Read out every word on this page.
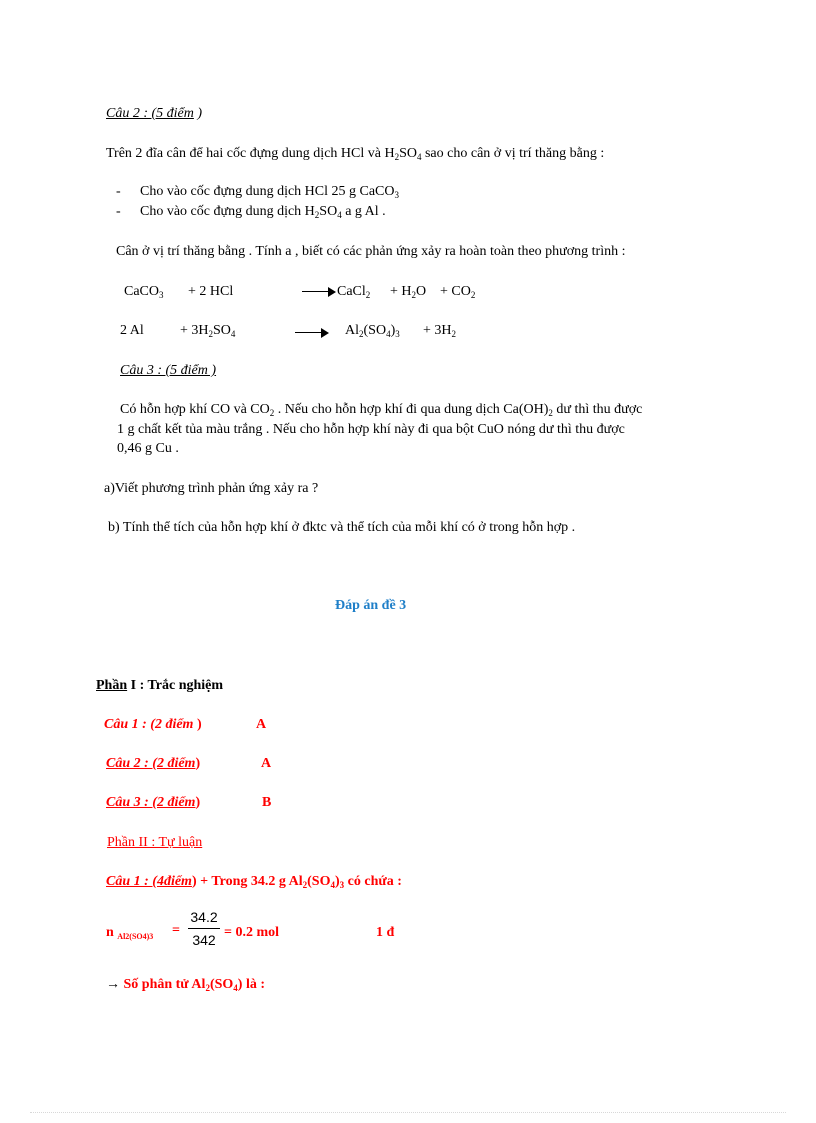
Câu 2 : (5 điểm )
Trên 2 đĩa cân để hai cốc đựng dung dịch HCl và $H_2SO_4$ sao cho cân ở vị trí thăng bằng :
- Cho vào cốc đựng dung dịch HCl 25 g CaCO$_3$
- Cho vào cốc đựng dung dịch $H_2SO_4$ a g Al .
Cân ở vị trí thăng bằng . Tính a , biết có các phản ứng xảy ra hoàn toàn theo phương trình :
CaCO$_3$ + 2 HCl	CaCl$_2$ + $H_2O + CO_2$
2 Al	+ $3H_2SO_4$	$Al_2(SO_4)_3 + 3H_2$
Câu 3 : (5 điểm )
Có hỗn hợp khí CO và $CO_2$ . Nếu cho hỗn hợp khí đi qua dung dịch $Ca(OH)_2$ dư thì thu được
1 g chất kết tủa màu trắng . Nếu cho hỗn hợp khí này đi qua bột CuO nóng dư thì thu được
0,46 g Cu .
a)Viết phương trình phản ứng xảy ra ?
b) Tính thể tích của hỗn hợp khí ở đktc và thể tích của mỗi khí có ở trong hỗn hợp .
Đáp án đề 3
Phần I : Trắc nghiệm
Câu 1 : (2 điểm )	A
Câu 2 : (2 điểm)	A
Câu 3 : (2 điểm)	B
Phần II : Tự luận
Câu 1 : (4điểm) + Trong 34.2 g $Al_2(SO_4)_3$ có chứa :
n $_{Al2(SO4)3}$ =
34.2
342 = 0.2 mol	1 đ
→ Số phân tử $Al_2(SO_4)$ là :
